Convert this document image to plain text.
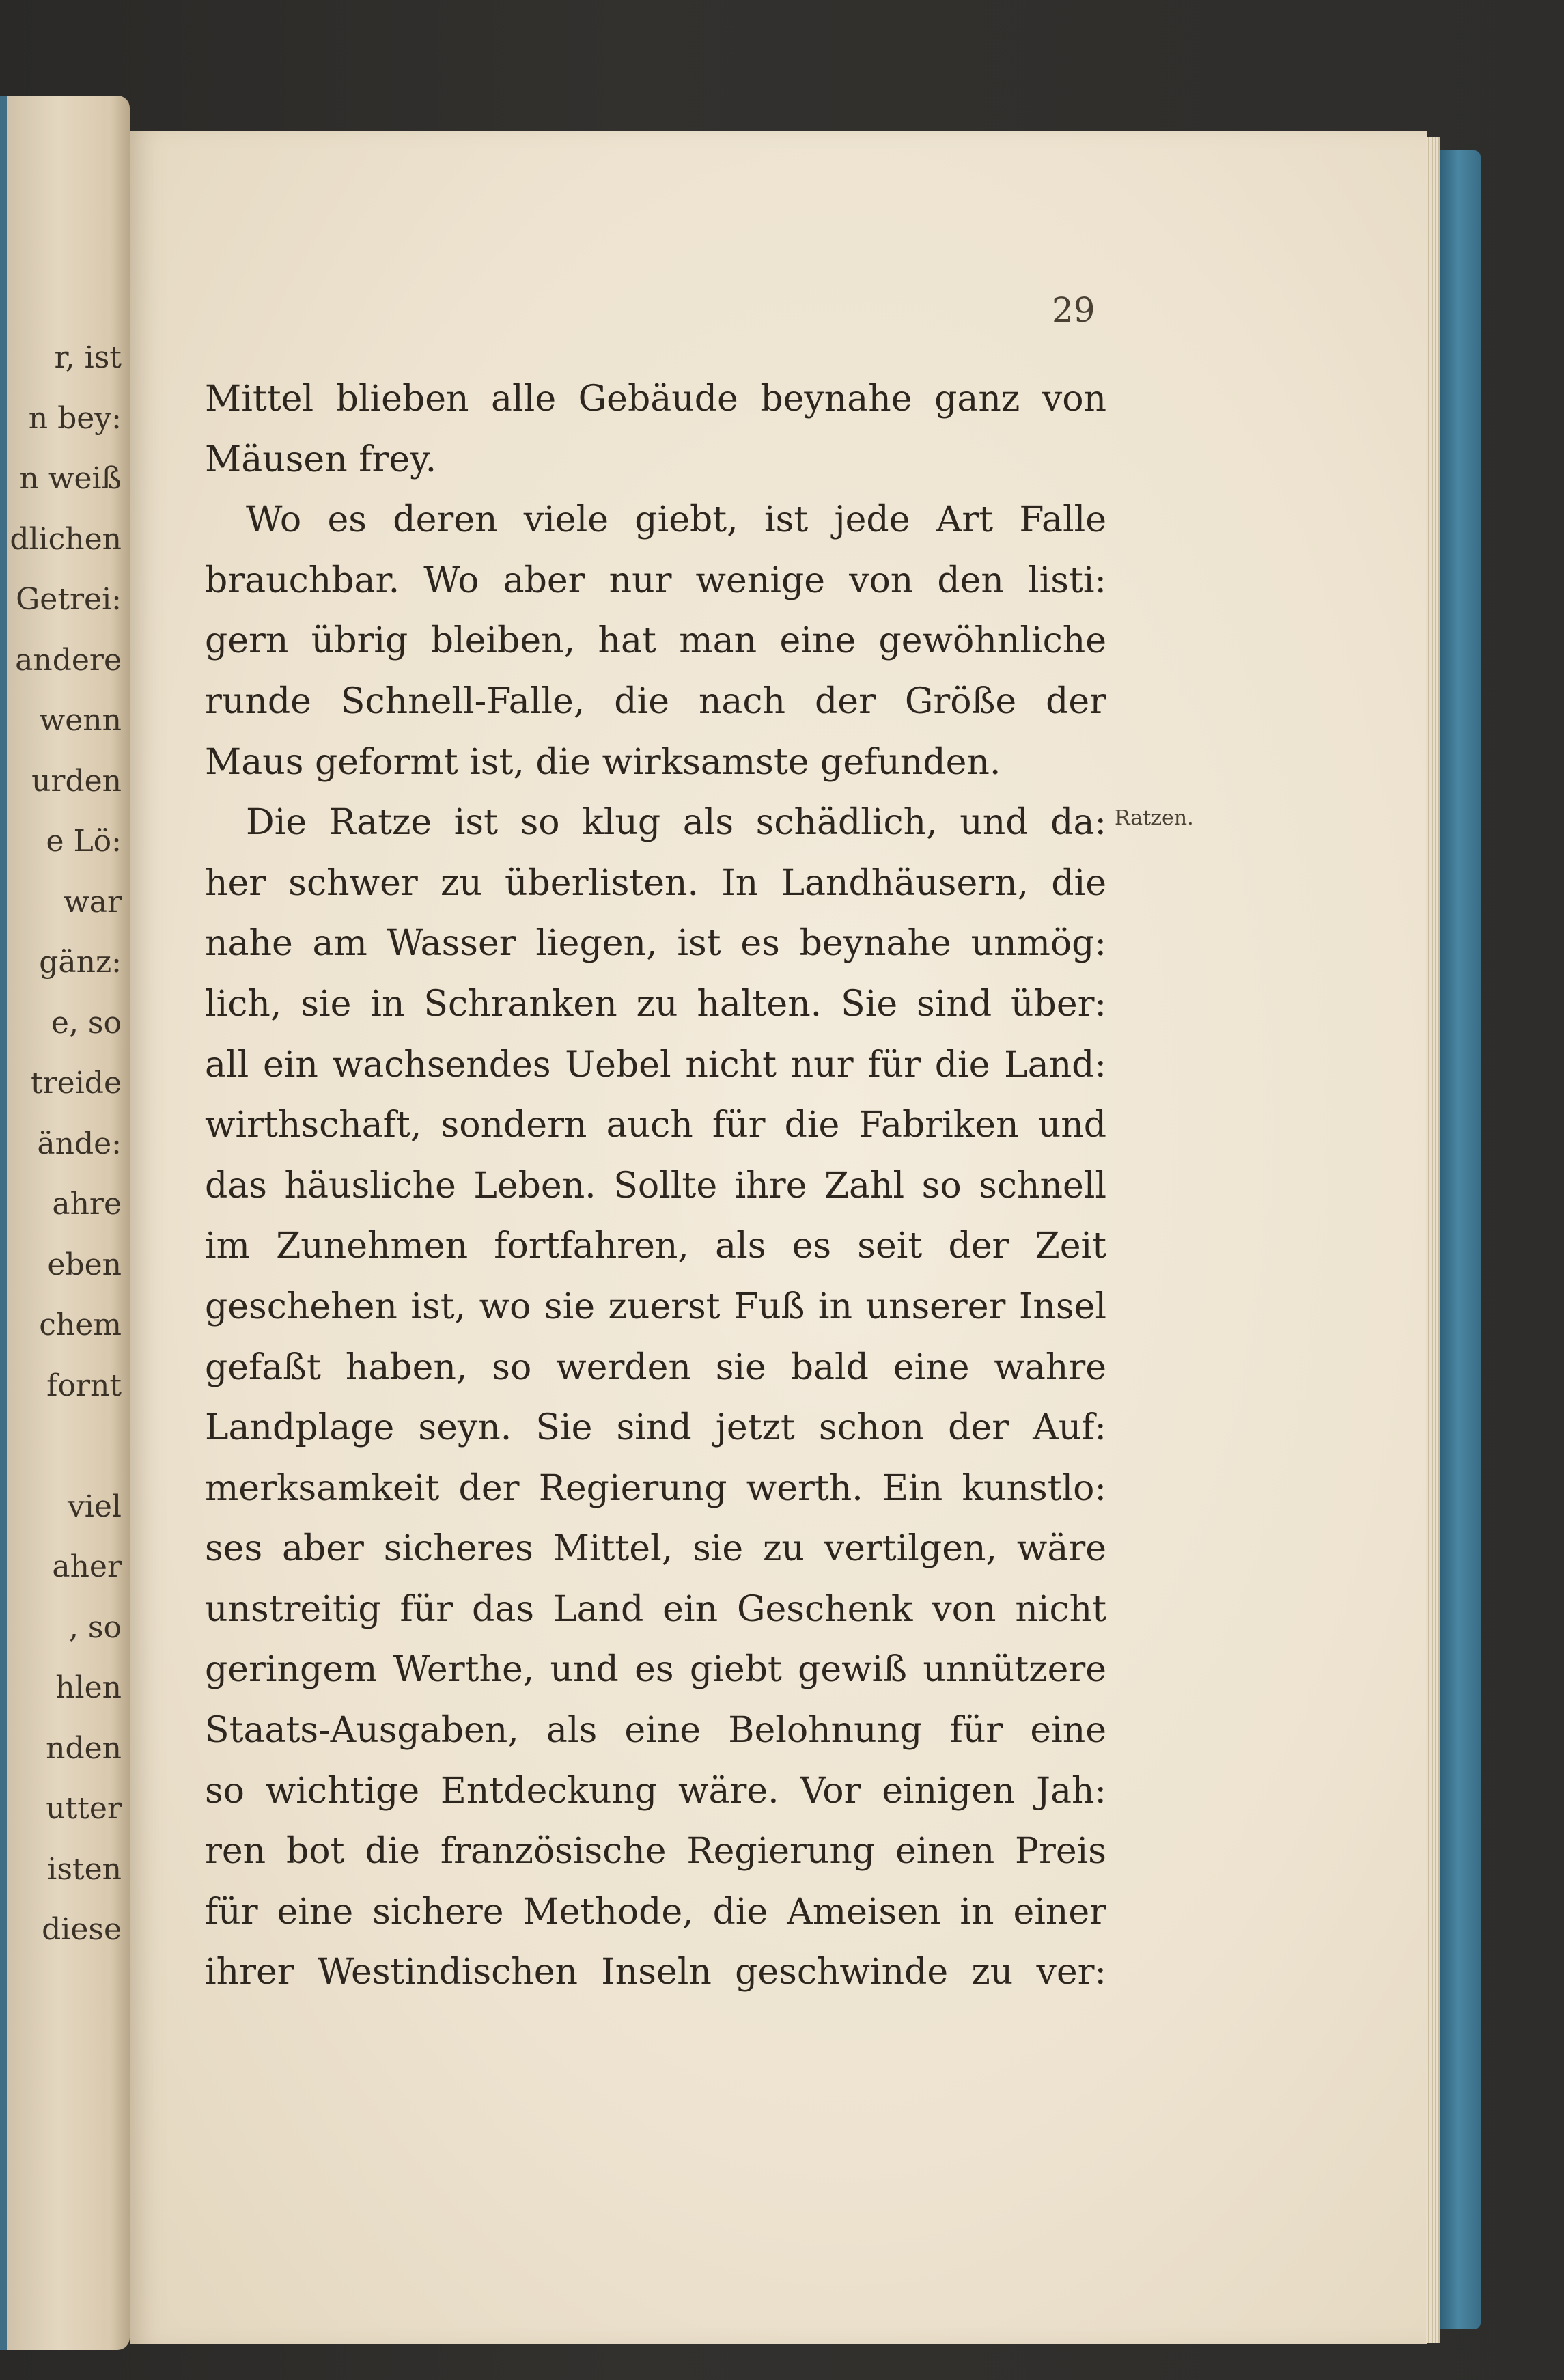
r, ist
n bey:
n weiß
dlichen
Getrei:
andere
wenn
urden
e Lö:
war
gänz:
e, so
treide
ände:
ahre
eben
chem
fornt
viel
aher
, so
hlen
nden
utter
isten
diese
29
Ratzen.
Mittel blieben alle Gebäude beynahe ganz von
Mäusen frey.
Wo es deren viele giebt, ist jede Art Falle
brauchbar. Wo aber nur wenige von den listi:
gern übrig bleiben, hat man eine gewöhnliche
runde Schnell-Falle, die nach der Größe der
Maus geformt ist, die wirksamste gefunden.
Die Ratze ist so klug als schädlich, und da:
her schwer zu überlisten. In Landhäusern, die
nahe am Wasser liegen, ist es beynahe unmög:
lich, sie in Schranken zu halten. Sie sind über:
all ein wachsendes Uebel nicht nur für die Land:
wirthschaft, sondern auch für die Fabriken und
das häusliche Leben. Sollte ihre Zahl so schnell
im Zunehmen fortfahren, als es seit der Zeit
geschehen ist, wo sie zuerst Fuß in unserer Insel
gefaßt haben, so werden sie bald eine wahre
Landplage seyn. Sie sind jetzt schon der Auf:
merksamkeit der Regierung werth. Ein kunstlo:
ses aber sicheres Mittel, sie zu vertilgen, wäre
unstreitig für das Land ein Geschenk von nicht
geringem Werthe, und es giebt gewiß unnützere
Staats-Ausgaben, als eine Belohnung für eine
so wichtige Entdeckung wäre. Vor einigen Jah:
ren bot die französische Regierung einen Preis
für eine sichere Methode, die Ameisen in einer
ihrer Westindischen Inseln geschwinde zu ver:
